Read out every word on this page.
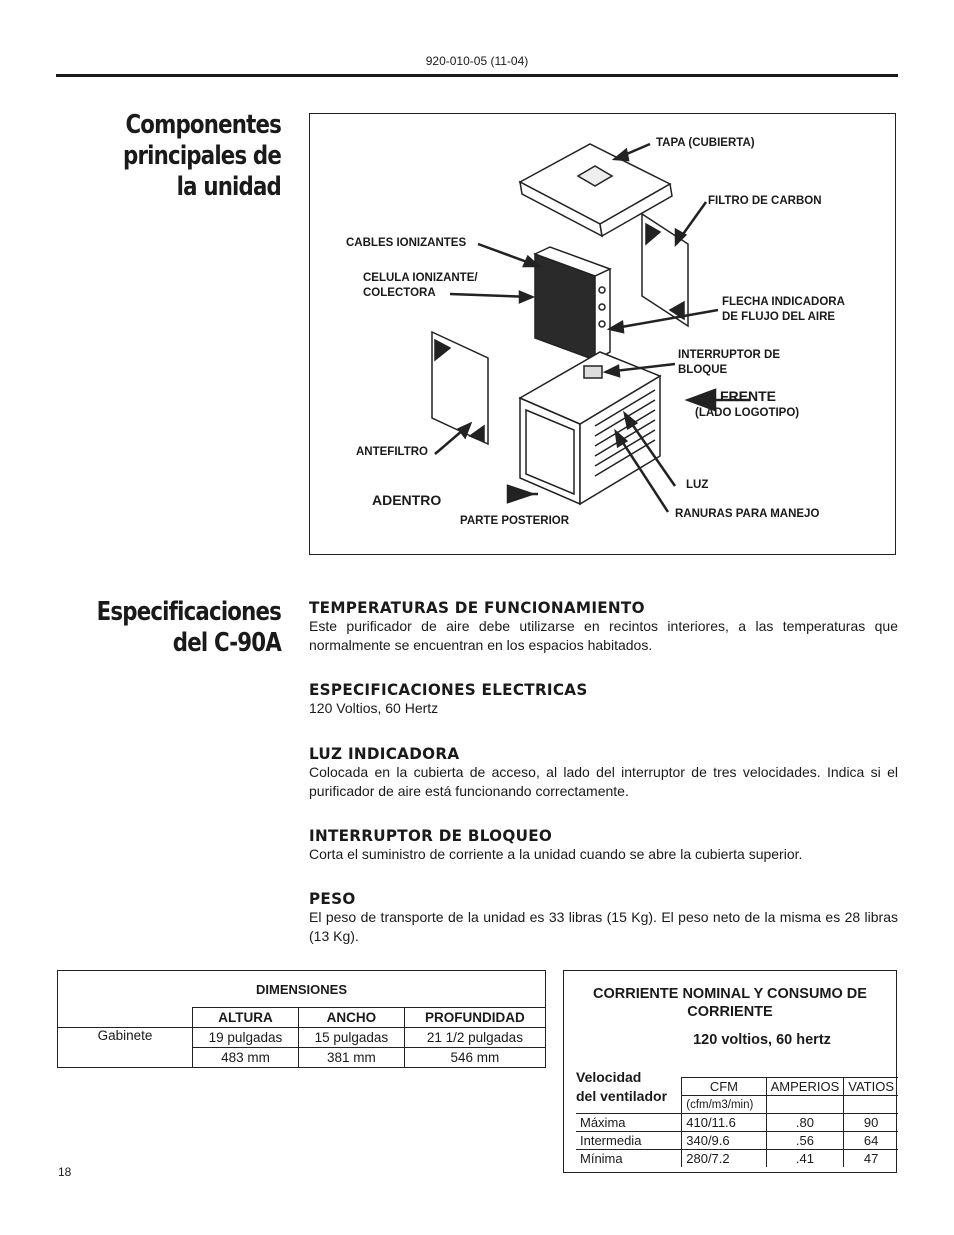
920-010-05 (11-04)
Componentes
principales de
la unidad
TAPA (CUBIERTA)
FILTRO DE CARBON
CABLES IONIZANTES
CELULA IONIZANTE/
COLECTORA
FLECHA INDICADORA
DE FLUJO DEL AIRE
INTERRUPTOR DE
BLOQUE
FRENTE
(LADO LOGOTIPO)
ANTEFILTRO
LUZ
ADENTRO
PARTE POSTERIOR
RANURAS PARA MANEJO
Especificaciones
del C-90A
TEMPERATURAS DE FUNCIONAMIENTO

Este purificador de aire debe utilizarse en recintos interiores, a las temperaturas que normalmente se encuentran en los espacios habitados.

ESPECIFICACIONES ELECTRICAS

120 Voltios, 60 Hertz

LUZ INDICADORA

Colocada en la cubierta de acceso, al lado del interruptor de tres velocidades. Indica si el purificador de aire está funcionando correctamente.

INTERRUPTOR DE BLOQUEO

Corta el suministro de corriente a la unidad cuando se abre la cubierta superior.

PESO

El peso de transporte de la unidad es 33 libras (15 Kg). El peso neto de la misma es 28 libras (13 Kg).

DIMENSIONES			
	ALTURA	ANCHO	PROFUNDIDAD
Gabinete	19 pulgadas	15 pulgadas	21 1/2 pulgadas
	483 mm	381 mm	546 mm
CORRIENTE NOMINAL Y CONSUMO DE
CORRIENTE
120 voltios, 60 hertz
Velocidad
del ventilador
	CFM	AMPERIOS	VATIOS
	(cfm/m3/min)		
Máxima	410/11.6	.80	90
Intermedia	340/9.6	.56	64
Mínima	280/7.2	.41	47
18
